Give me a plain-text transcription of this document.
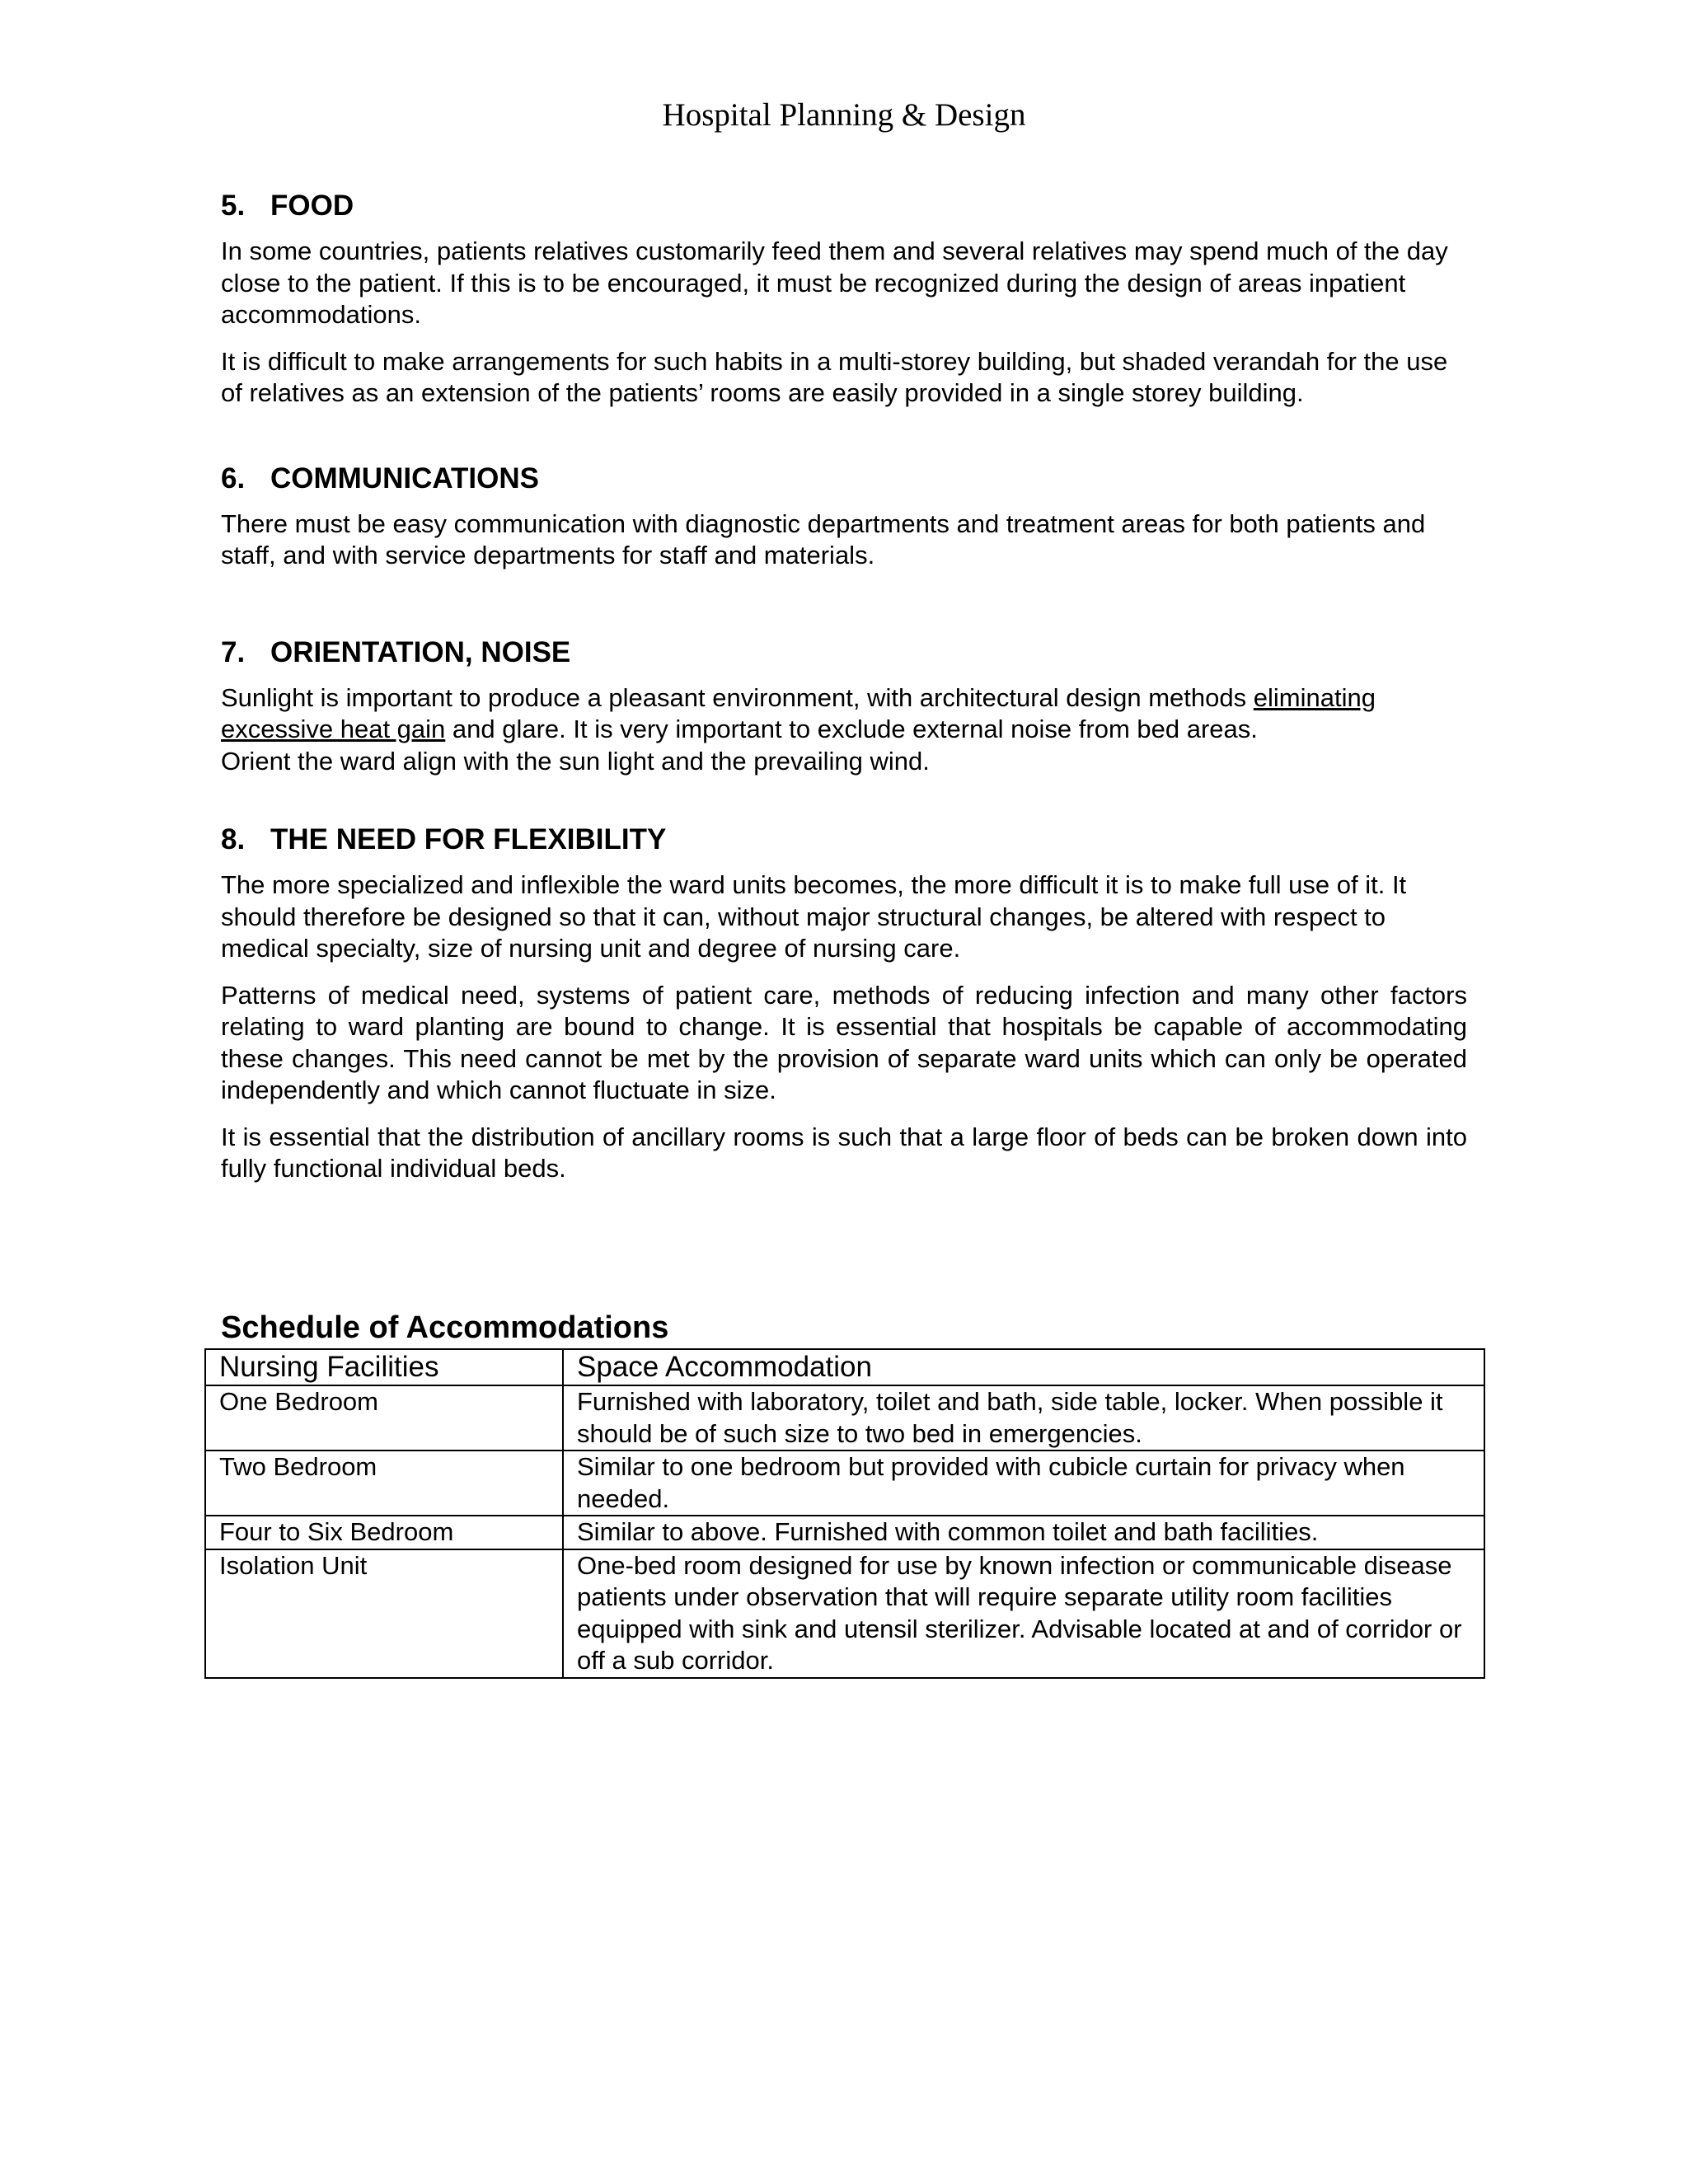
Hospital Planning & Design
5. FOOD

In some countries, patients relatives customarily feed them and several relatives may spend much of the day close to the patient. If this is to be encouraged, it must be recognized during the design of areas inpatient accommodations.

It is difficult to make arrangements for such habits in a multi-storey building, but shaded verandah for the use of relatives as an extension of the patients’ rooms are easily provided in a single storey building.

6. COMMUNICATIONS

There must be easy communication with diagnostic departments and treatment areas for both patients and staff, and with service departments for staff and materials.

7. ORIENTATION, NOISE

Sunlight is important to produce a pleasant environment, with architectural design methods eliminating excessive heat gain and glare. It is very important to exclude external noise from bed areas.

Orient the ward align with the sun light and the prevailing wind.

8. THE NEED FOR FLEXIBILITY

The more specialized and inflexible the ward units becomes, the more difficult it is to make full use of it. It should therefore be designed so that it can, without major structural changes, be altered with respect to medical specialty, size of nursing unit and degree of nursing care.

Patterns of medical need, systems of patient care, methods of reducing infection and many other factors relating to ward planting are bound to change. It is essential that hospitals be capable of accommodating these changes. This need cannot be met by the provision of separate ward units which can only be operated independently and which cannot fluctuate in size.

It is essential that the distribution of ancillary rooms is such that a large floor of beds can be broken down into fully functional individual beds.

Schedule of Accommodations
Nursing Facilities	Space Accommodation
One Bedroom	Furnished with laboratory, toilet and bath, side table, locker. When possible it should be of such size to two bed in emergencies.
Two Bedroom	Similar to one bedroom but provided with cubicle curtain for privacy when needed.
Four to Six Bedroom	Similar to above. Furnished with common toilet and bath facilities.
Isolation Unit	One-bed room designed for use by known infection or communicable disease patients under observation that will require separate utility room facilities equipped with sink and utensil sterilizer. Advisable located at and of corridor or off a sub corridor.
